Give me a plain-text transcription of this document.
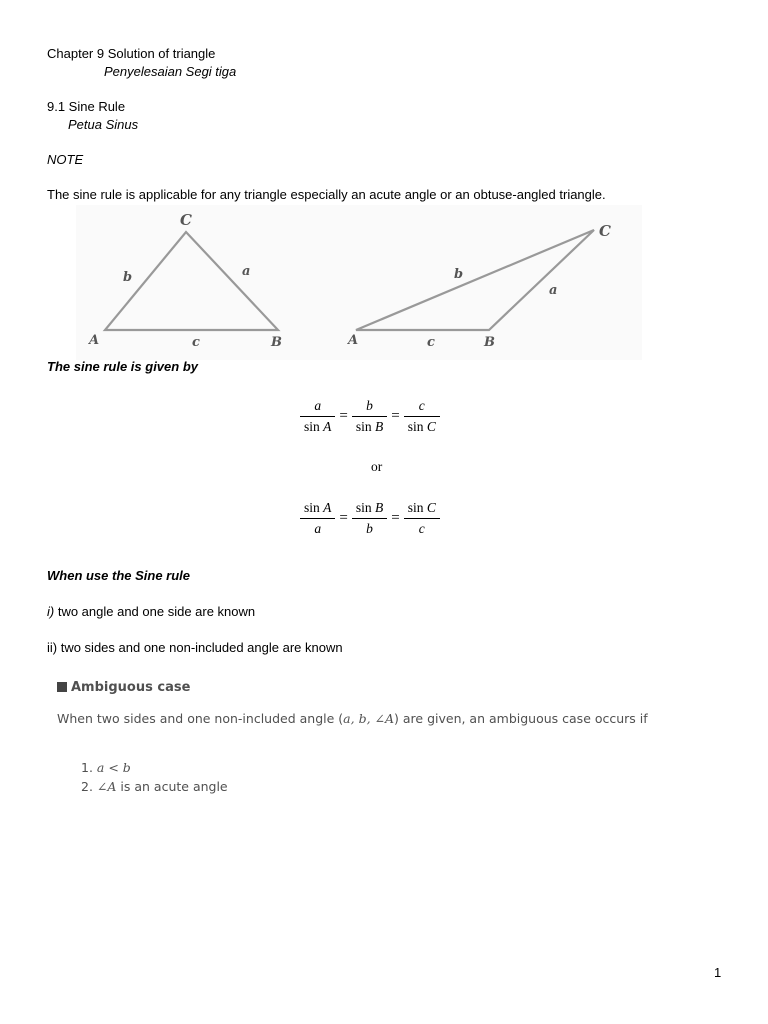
Chapter 9 Solution of triangle
Penyelesaian Segi tiga
9.1 Sine Rule
Petua Sinus
NOTE
The sine rule is applicable for any triangle especially an acute angle or an obtuse-angled triangle.
C
A	B
b	a
c
C
A	B
b
a
c
The sine rule is given by
$\frac{a}{\text{sin A}} = \frac{b}{\text{sin B}} = \frac{c}{\text{sin C}}$
or
$\frac{\text{sin A}}{a} = \frac{\text{sin B}}{b} = \frac{\text{sin C}}{c}$
When use the Sine rule
i) two angle and one side are known
ii) two sides and one non-included angle are known
Ambiguous case
When two sides and one non-included angle (a, b, ∠A) are given, an ambiguous case occurs if
1. a < b
2. ∠A is an acute angle
1
